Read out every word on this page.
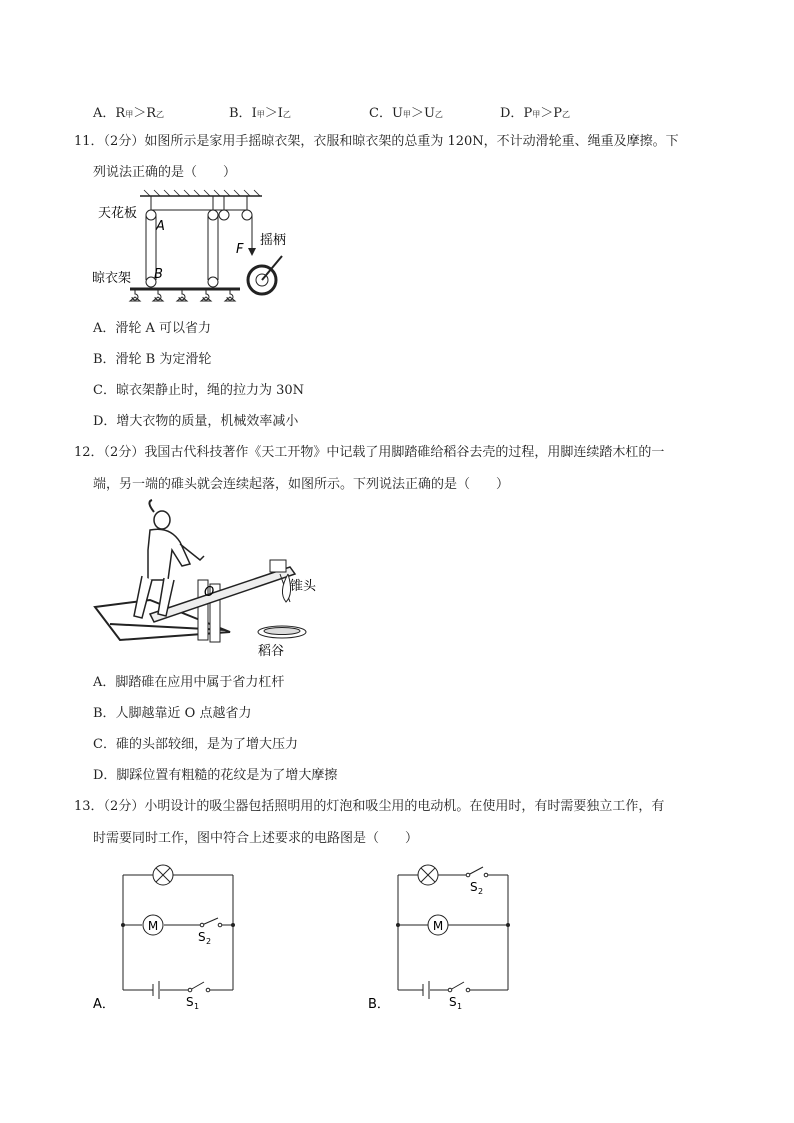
A．R甲＞R乙	B．I甲＞I乙	C．U甲＞U乙	D．P甲＞P乙
11．（2分）如图所示是家用手摇晾衣架，衣服和晾衣架的总重为 120N，不计动滑轮重、绳重及摩擦。下
列说法正确的是（　　）
天花板
A
B
F
摇柄
晾衣架
A．滑轮 A 可以省力
B．滑轮 B 为定滑轮
C．晾衣架静止时，绳的拉力为 30N
D．增大衣物的质量，机械效率减小
12．（2分）我国古代科技著作《天工开物》中记载了用脚踏碓给稻谷去壳的过程，用脚连续踏木杠的一
端，另一端的碓头就会连续起落，如图所示。下列说法正确的是（　　）
O	锥头
稻谷
A．脚踏碓在应用中属于省力杠杆
B．人脚越靠近 O 点越省力
C．碓的头部较细，是为了增大压力
D．脚踩位置有粗糙的花纹是为了增大摩擦
13．（2分）小明设计的吸尘器包括照明用的灯泡和吸尘用的电动机。在使用时，有时需要独立工作，有
时需要同时工作，图中符合上述要求的电路图是（　　）
M
S 2
S 1
A．
S 2
M
S 1
B．
